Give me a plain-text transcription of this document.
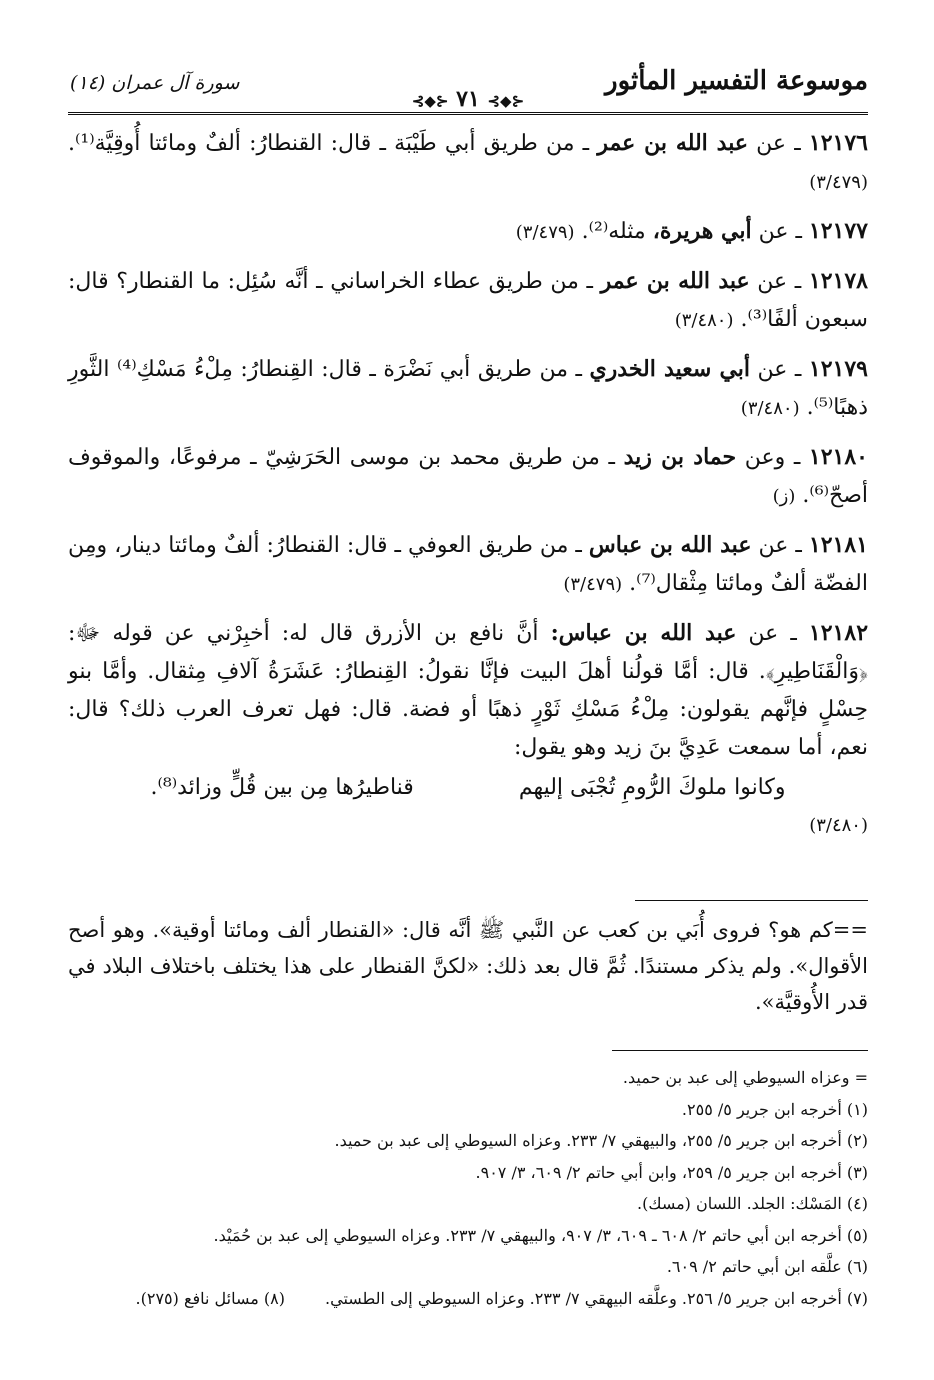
موسوعة التفسير المأثور
سورة آل عمران (١٤)
⊰◆⊱ ٧١ ⊰◆⊱

١٢١٧٦ ـ عن عبد الله بن عمر ـ من طريق أبي طَيْبَة ـ قال: القنطارُ: ألفٌ ومائتا أُوقِيَّة⁽¹⁾. (٣/٤٧٩)

١٢١٧٧ ـ عن أبي هريرة، مثله⁽²⁾. (٣/٤٧٩)

١٢١٧٨ ـ عن عبد الله بن عمر ـ من طريق عطاء الخراساني ـ أنَّه سُئِل: ما القنطار؟ قال: سبعون ألفًا⁽³⁾. (٣/٤٨٠)

١٢١٧٩ ـ عن أبي سعيد الخدري ـ من طريق أبي نَضْرَة ـ قال: القِنطارُ: مِلْءُ مَسْكِ⁽⁴⁾ الثَّورِ ذهبًا⁽⁵⁾. (٣/٤٨٠)

١٢١٨٠ ـ وعن حماد بن زيد ـ من طريق محمد بن موسى الحَرَشِيّ ـ مرفوعًا، والموقوف أصحّ⁽⁶⁾. (ز)

١٢١٨١ ـ عن عبد الله بن عباس ـ من طريق العوفي ـ قال: القنطارُ: ألفٌ ومائتا دينار، ومِن الفضّة ألفٌ ومائتا مِثْقال⁽⁷⁾. (٣/٤٧٩)

١٢١٨٢ ـ عن عبد الله بن عباس: أنَّ نافع بن الأزرق قال له: أخبِرْني عن قوله ﷻ: ﴿وَالْقَنَاطِيرِ﴾. قال: أمَّا قولُنا أهلَ البيت فإنَّا نقولُ: القِنطارُ: عَشَرَةُ آلافِ مِثقال. وأمَّا بنو حِسْلٍ فإنَّهم يقولون: مِلْءُ مَسْكِ ثَوْرٍ ذهبًا أو فضة. قال: فهل تعرف العرب ذلك؟ قال: نعم، أما سمعت عَدِيَّ بنَ زيد وهو يقول:

وكانوا ملوكَ الرُّومِ تُجْبَى إليهم
قناطيرُها مِن بين قُلٍّ وزائد⁽⁸⁾.
(٣/٤٨٠)
==كم هو؟ فروى أُبَي بن كعب عن النَّبي ﷺ أنَّه قال: «القنطار ألف ومائتا أوقية». وهو أصح الأقوال». ولم يذكر مستندًا. ثُمَّ قال بعد ذلك: «لكنَّ القنطار على هذا يختلف باختلاف البلاد في قدر الأُوقيَّة».
= وعزاه السيوطي إلى عبد بن حميد.
(١) أخرجه ابن جرير ٥/ ٢٥٥.
(٢) أخرجه ابن جرير ٥/ ٢٥٥، والبيهقي ٧/ ٢٣٣. وعزاه السيوطي إلى عبد بن حميد.
(٣) أخرجه ابن جرير ٥/ ٢٥٩، وابن أبي حاتم ٢/ ٦٠٩، ٣/ ٩٠٧.
(٤) المَسْك: الجلد. اللسان (مسك).
(٥) أخرجه ابن أبي حاتم ٢/ ٦٠٨ ـ ٦٠٩، ٣/ ٩٠٧، والبيهقي ٧/ ٢٣٣. وعزاه السيوطي إلى عبد بن حُمَيْد.
(٦) علَّقه ابن أبي حاتم ٢/ ٦٠٩.
(٧) أخرجه ابن جرير ٥/ ٢٥٦. وعلَّقه البيهقي ٧/ ٢٣٣. وعزاه السيوطي إلى الطستي.(٨) مسائل نافع (٢٧٥).
